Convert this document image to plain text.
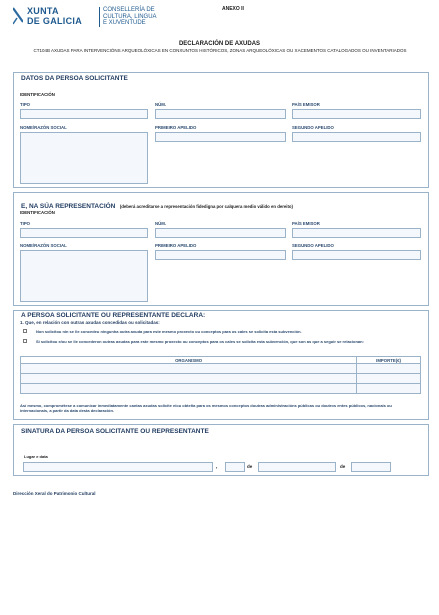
XUNTA
DE GALICIA
CONSELLERÍA DE
CULTURA, LINGUA
E XUVENTUDE
ANEXO II
DECLARACIÓN DE AXUDAS
CT104B AXUDAS PARA INTERVENCIÓNS ARQUEOLÓXICAS EN CONXUNTOS HISTÓRICOS, ZONAS ARQUEOLÓXICAS OU XACEMENTOS CATALOGADOS OU INVENTARIADOS
DATOS DA PERSOA SOLICITANTE
IDENTIFICACIÓN
TIPO	NÚM.	PAÍS EMISOR
NOME/RAZÓN SOCIAL	PRIMEIRO APELIDO	SEGUNDO APELIDO
E, NA SÚA REPRESENTACIÓN (deberá acreditarse a representación fidedigna por calquera medio válido en dereito)
IDENTIFICACIÓN
TIPO	NÚM.	PAÍS EMISOR
NOME/RAZÓN SOCIAL	PRIMEIRO APELIDO	SEGUNDO APELIDO
A PERSOA SOLICITANTE OU REPRESENTANTE DECLARA:
1. Que, en relación con outras axudas concedidas ou solicitadas:
Non solicitou nin se lle concedeu ningunha outra axuda para este mesmo proxecto ou conceptos para os cales se solicita esta subvención.
Si solicitou e/ou se lle concederon outras axudas para este mesmo proxecto ou conceptos para os cales se solicita esta subvención, que son as que a seguir se relacionan:
ORGANISMO	IMPORTE(€)

Así mesmo, comprométese a comunicar inmediatamente cantas axudas solicite e/ou obteña para os mesmos conceptos doutras administracións públicas ou doutros entes públicos, nacionais ou internacionais, a partir da data desta declaración.
SINATURA DA PERSOA SOLICITANTE OU REPRESENTANTE
Lugar e data
,	de	de
Dirección Xeral do Patrimonio Cultural
